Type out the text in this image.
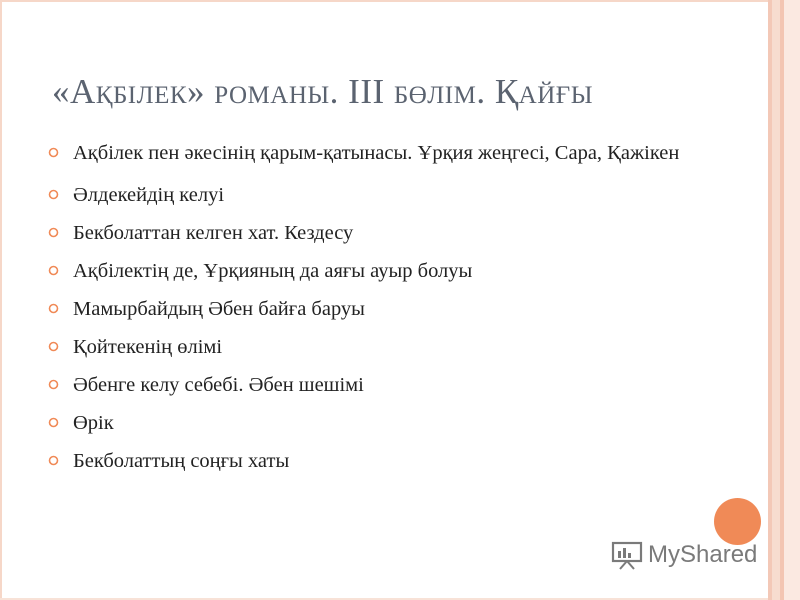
«Ақбілек» романы. ІІІ бөлім. Қайғы
Ақбілек пен әкесінің қарым-қатынасы. Ұрқия жеңгесі, Сара, Қажікен
Әлдекейдің келуі
Бекболаттан келген хат. Кездесу
Ақбілектің де, Ұрқияның да аяғы ауыр болуы
Мамырбайдың Әбен байға баруы
Қойтекенің өлімі
Әбенге келу себебі. Әбен шешімі
Өрік
Бекболаттың соңғы хаты
MyShared
